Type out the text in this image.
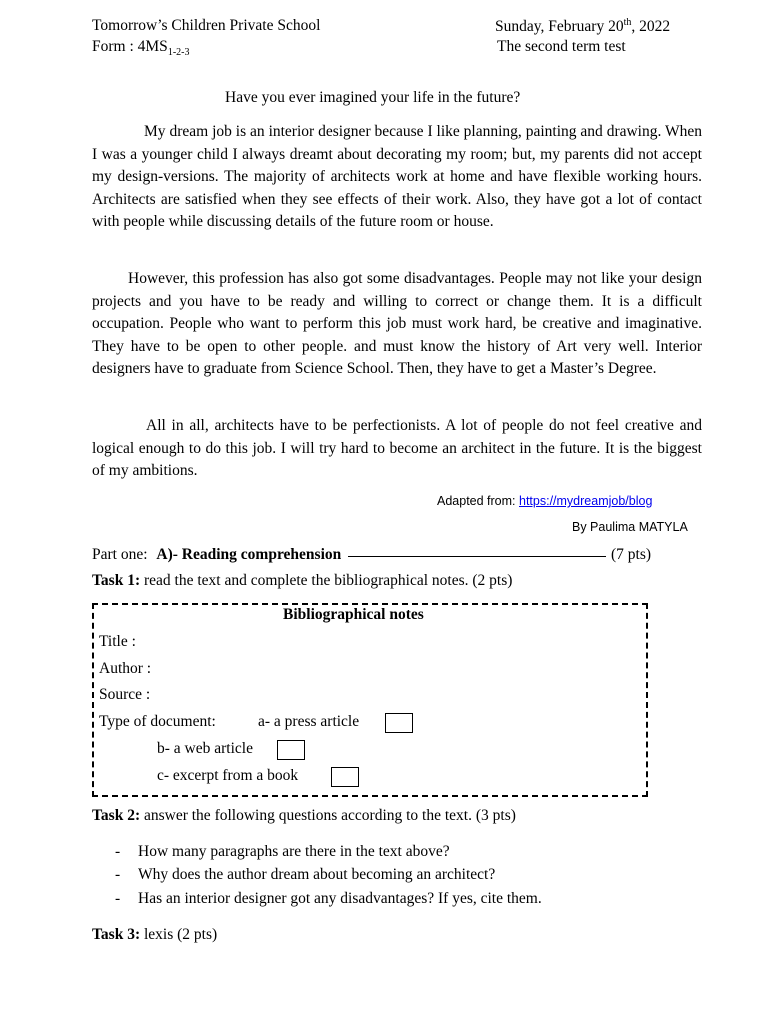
Tomorrow’s Children Private School	Sunday, February 20th, 2022
Form : $4MS_{1-2-3}$	The second term test
Have you ever imagined your life in the future?
My dream job is an interior designer because I like planning, painting and drawing. When I was a younger child I always dreamt about decorating my room; but, my parents did not accept my design-versions. The majority of architects work at home and have flexible working hours. Architects are satisfied when they see effects of their work. Also, they have got a lot of contact with people while discussing details of the future room or house.
However, this profession has also got some disadvantages. People may not like your design projects and you have to be ready and willing to correct or change them. It is a difficult occupation. People who want to perform this job must work hard, be creative and imaginative. They have to be open to other people. and must know the history of Art very well. Interior designers have to graduate from Science School. Then, they have to get a Master’s Degree.
All in all, architects have to be perfectionists. A lot of people do not feel creative and logical enough to do this job. I will try hard to become an architect in the future. It is the biggest of my ambitions.
Adapted from: https://mydreamjob/blog
By Paulima MATYLA
Part one: A)- Reading comprehension	(7 pts)
Task 1: read the text and complete the bibliographical notes. (2 pts)
Bibliographical notes
Title :
Author :
Source :
Type of document:	a- a press article
b- a web article
c- excerpt from a book
Task 2: answer the following questions according to the text. (3 pts)
- How many paragraphs are there in the text above?
- Why does the author dream about becoming an architect?
- Has an interior designer got any disadvantages? If yes, cite them.
Task 3: lexis (2 pts)
